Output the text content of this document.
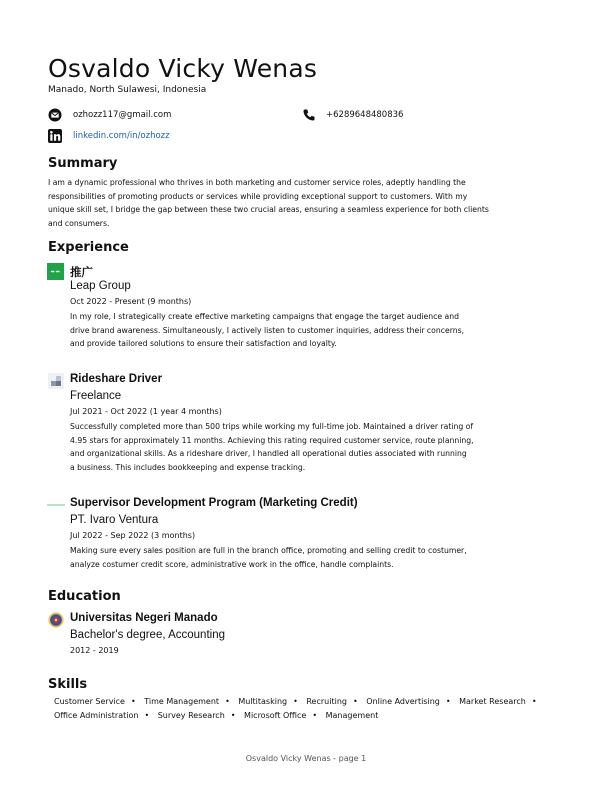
Osvaldo Vicky Wenas
Manado, North Sulawesi, Indonesia
ozhozz117@gmail.com	+6289648480836
linkedin.com/in/ozhozz
Summary
I am a dynamic professional who thrives in both marketing and customer service roles, adeptly handling the
responsibilities of promoting products or services while providing exceptional support to customers. With my
unique skill set, I bridge the gap between these two crucial areas, ensuring a seamless experience for both clients
and consumers.
Experience
推广
Leap Group
Oct 2022 - Present (9 months)
In my role, I strategically create effective marketing campaigns that engage the target audience and
drive brand awareness. Simultaneously, I actively listen to customer inquiries, address their concerns,
and provide tailored solutions to ensure their satisfaction and loyalty.
Rideshare Driver
Freelance
Jul 2021 - Oct 2022 (1 year 4 months)
Successfully completed more than 500 trips while working my full-time job. Maintained a driver rating of
4.95 stars for approximately 11 months. Achieving this rating required customer service, route planning,
and organizational skills. As a rideshare driver, I handled all operational duties associated with running
a business. This includes bookkeeping and expense tracking.
Supervisor Development Program (Marketing Credit)
PT. Ivaro Ventura
Jul 2022 - Sep 2022 (3 months)
Making sure every sales position are full in the branch office, promoting and selling credit to costumer,
analyze costumer credit score, administrative work in the office, handle complaints.
Education
Universitas Negeri Manado
Bachelor's degree, Accounting
2012 - 2019
Skills
Customer Service • Time Management • Multitasking • Recruiting • Online Advertising • Market Research • Office Administration • Survey Research • Microsoft Office • Management
Osvaldo Vicky Wenas - page 1
